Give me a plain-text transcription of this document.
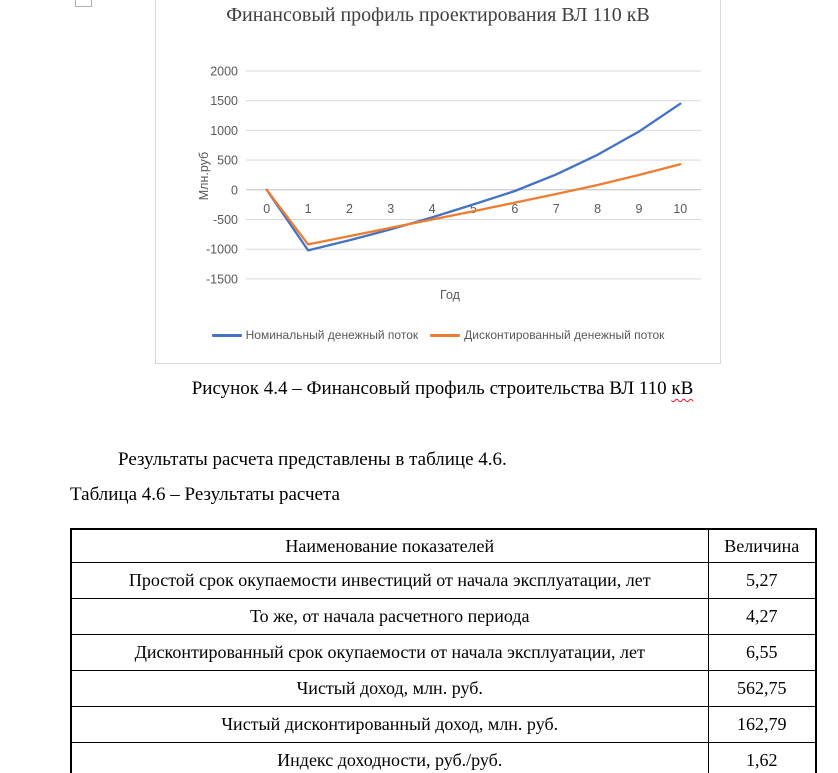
Финансовый профиль проектирования ВЛ 110 кВ
2000
1500
1000
500
0
-500
-1000
-1500
0	1	2	3	4	5	6	7	8	9 10
Млн.руб
Год
Номинальный денежный поток	Дисконтированный денежный поток
Рисунок 4.4 – Финансовый профиль строительства ВЛ 110 кВ

Результаты расчета представлены в таблице 4.6.

Таблица 4.6 – Результаты расчета

Наименование показателей	Величина
Простой срок окупаемости инвестиций от начала эксплуатации, лет	5,27
То же, от начала расчетного периода	4,27
Дисконтированный срок окупаемости от начала эксплуатации, лет	6,55
Чистый доход, млн. руб.	562,75
Чистый дисконтированный доход, млн. руб.	162,79
Индекс доходности, руб./руб.	1,62
